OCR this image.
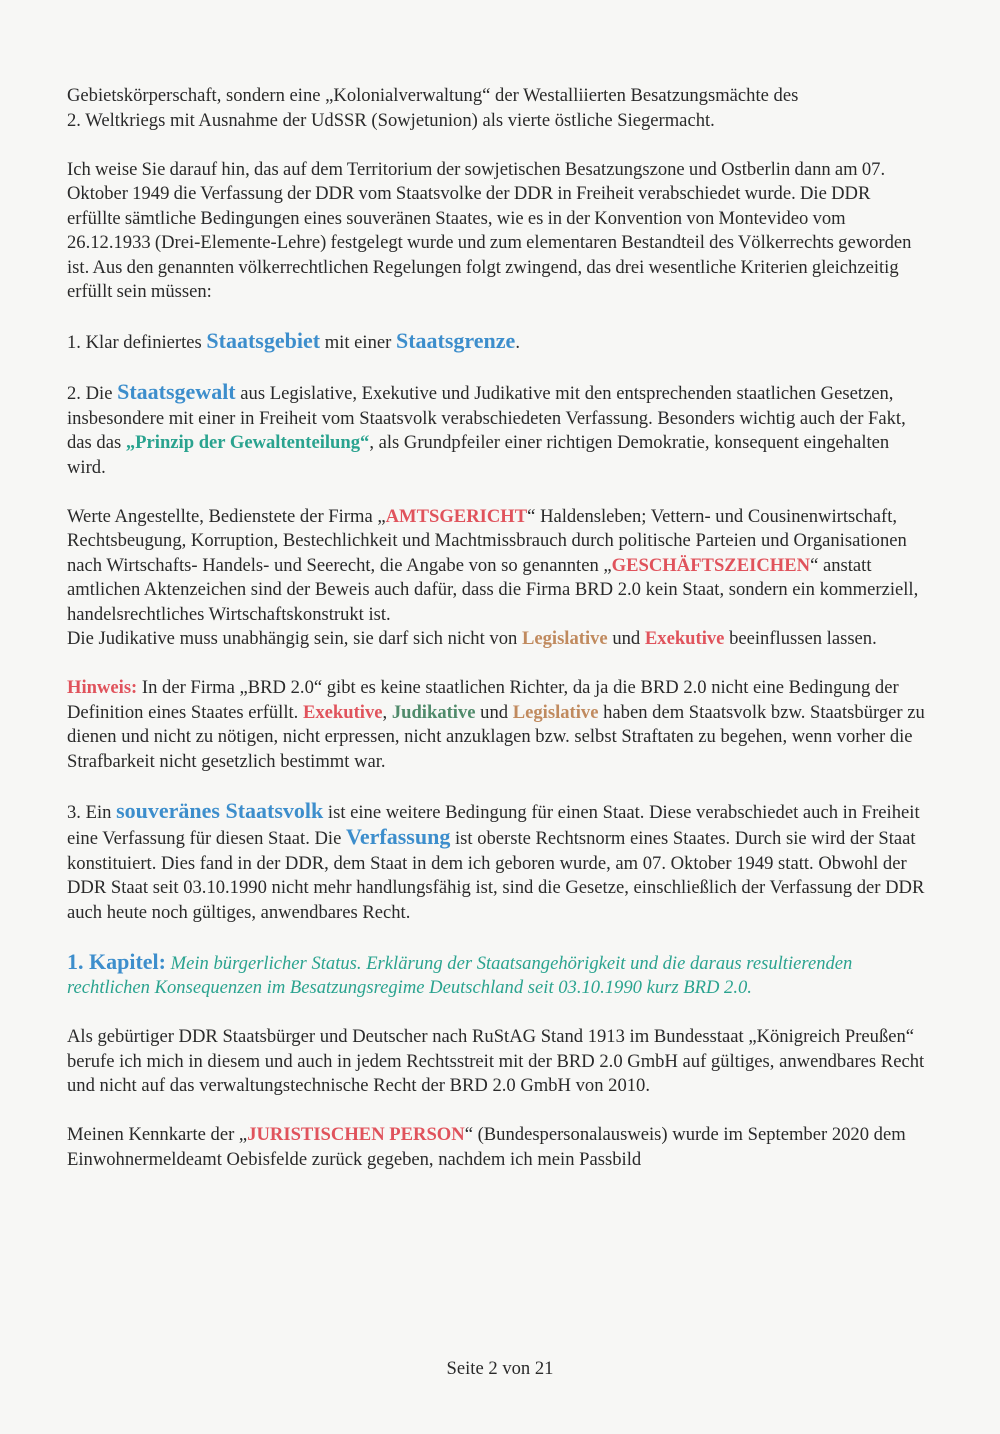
Gebietskörperschaft, sondern eine „Kolonialverwaltung“ der Westalliierten Besatzungsmächte des
2. Weltkriegs mit Ausnahme der UdSSR (Sowjetunion) als vierte östliche Siegermacht.

Ich weise Sie darauf hin, das auf dem Territorium der sowjetischen Besatzungszone und Ostberlin dann am 07. Oktober 1949 die Verfassung der DDR vom Staatsvolke der DDR in Freiheit verabschiedet wurde. Die DDR erfüllte sämtliche Bedingungen eines souveränen Staates, wie es in der Konvention von Montevideo vom 26.12.1933 (Drei-Elemente-Lehre) festgelegt wurde und zum elementaren Bestandteil des Völkerrechts geworden ist. Aus den genannten völkerrechtlichen Regelungen folgt zwingend, das drei wesentliche Kriterien gleichzeitig erfüllt sein müssen:

1. Klar definiertes Staatsgebiet mit einer Staatsgrenze.

2. Die Staatsgewalt aus Legislative, Exekutive und Judikative mit den entsprechenden staatlichen Gesetzen, insbesondere mit einer in Freiheit vom Staatsvolk verabschiedeten Verfassung. Besonders wichtig auch der Fakt, das das „Prinzip der Gewaltenteilung“, als Grundpfeiler einer richtigen Demokratie, konsequent eingehalten wird.

Werte Angestellte, Bedienstete der Firma „AMTSGERICHT“ Haldensleben; Vettern- und Cousinenwirtschaft, Rechtsbeugung, Korruption, Bestechlichkeit und Machtmissbrauch durch politische Parteien und Organisationen nach Wirtschafts- Handels- und Seerecht, die Angabe von so genannten „GESCHÄFTSZEICHEN“ anstatt amtlichen Aktenzeichen sind der Beweis auch dafür, dass die Firma BRD 2.0 kein Staat, sondern ein kommerziell, handelsrechtliches Wirtschaftskonstrukt ist.
Die Judikative muss unabhängig sein, sie darf sich nicht von Legislative und Exekutive beeinflussen lassen.

Hinweis: In der Firma „BRD 2.0“ gibt es keine staatlichen Richter, da ja die BRD 2.0 nicht eine Bedingung der Definition eines Staates erfüllt. Exekutive, Judikative und Legislative haben dem Staatsvolk bzw. Staatsbürger zu dienen und nicht zu nötigen, nicht erpressen, nicht anzuklagen bzw. selbst Straftaten zu begehen, wenn vorher die Strafbarkeit nicht gesetzlich bestimmt war.

3. Ein souveränes Staatsvolk ist eine weitere Bedingung für einen Staat. Diese verabschiedet auch in Freiheit eine Verfassung für diesen Staat. Die Verfassung ist oberste Rechtsnorm eines Staates. Durch sie wird der Staat konstituiert. Dies fand in der DDR, dem Staat in dem ich geboren wurde, am 07. Oktober 1949 statt. Obwohl der DDR Staat seit 03.10.1990 nicht mehr handlungsfähig ist, sind die Gesetze, einschließlich der Verfassung der DDR auch heute noch gültiges, anwendbares Recht.

1. Kapitel: Mein bürgerlicher Status. Erklärung der Staatsangehörigkeit und die daraus resultierenden rechtlichen Konsequenzen im Besatzungsregime Deutschland seit 03.10.1990 kurz BRD 2.0.

Als gebürtiger DDR Staatsbürger und Deutscher nach RuStAG Stand 1913 im Bundesstaat „Königreich Preußen“ berufe ich mich in diesem und auch in jedem Rechtsstreit mit der BRD 2.0 GmbH auf gültiges, anwendbares Recht und nicht auf das verwaltungstechnische Recht der BRD 2.0 GmbH von 2010.

Meinen Kennkarte der „JURISTISCHEN PERSON“ (Bundespersonalausweis) wurde im September 2020 dem Einwohnermeldeamt Oebisfelde zurück gegeben, nachdem ich mein Passbild

Seite 2 von 21
